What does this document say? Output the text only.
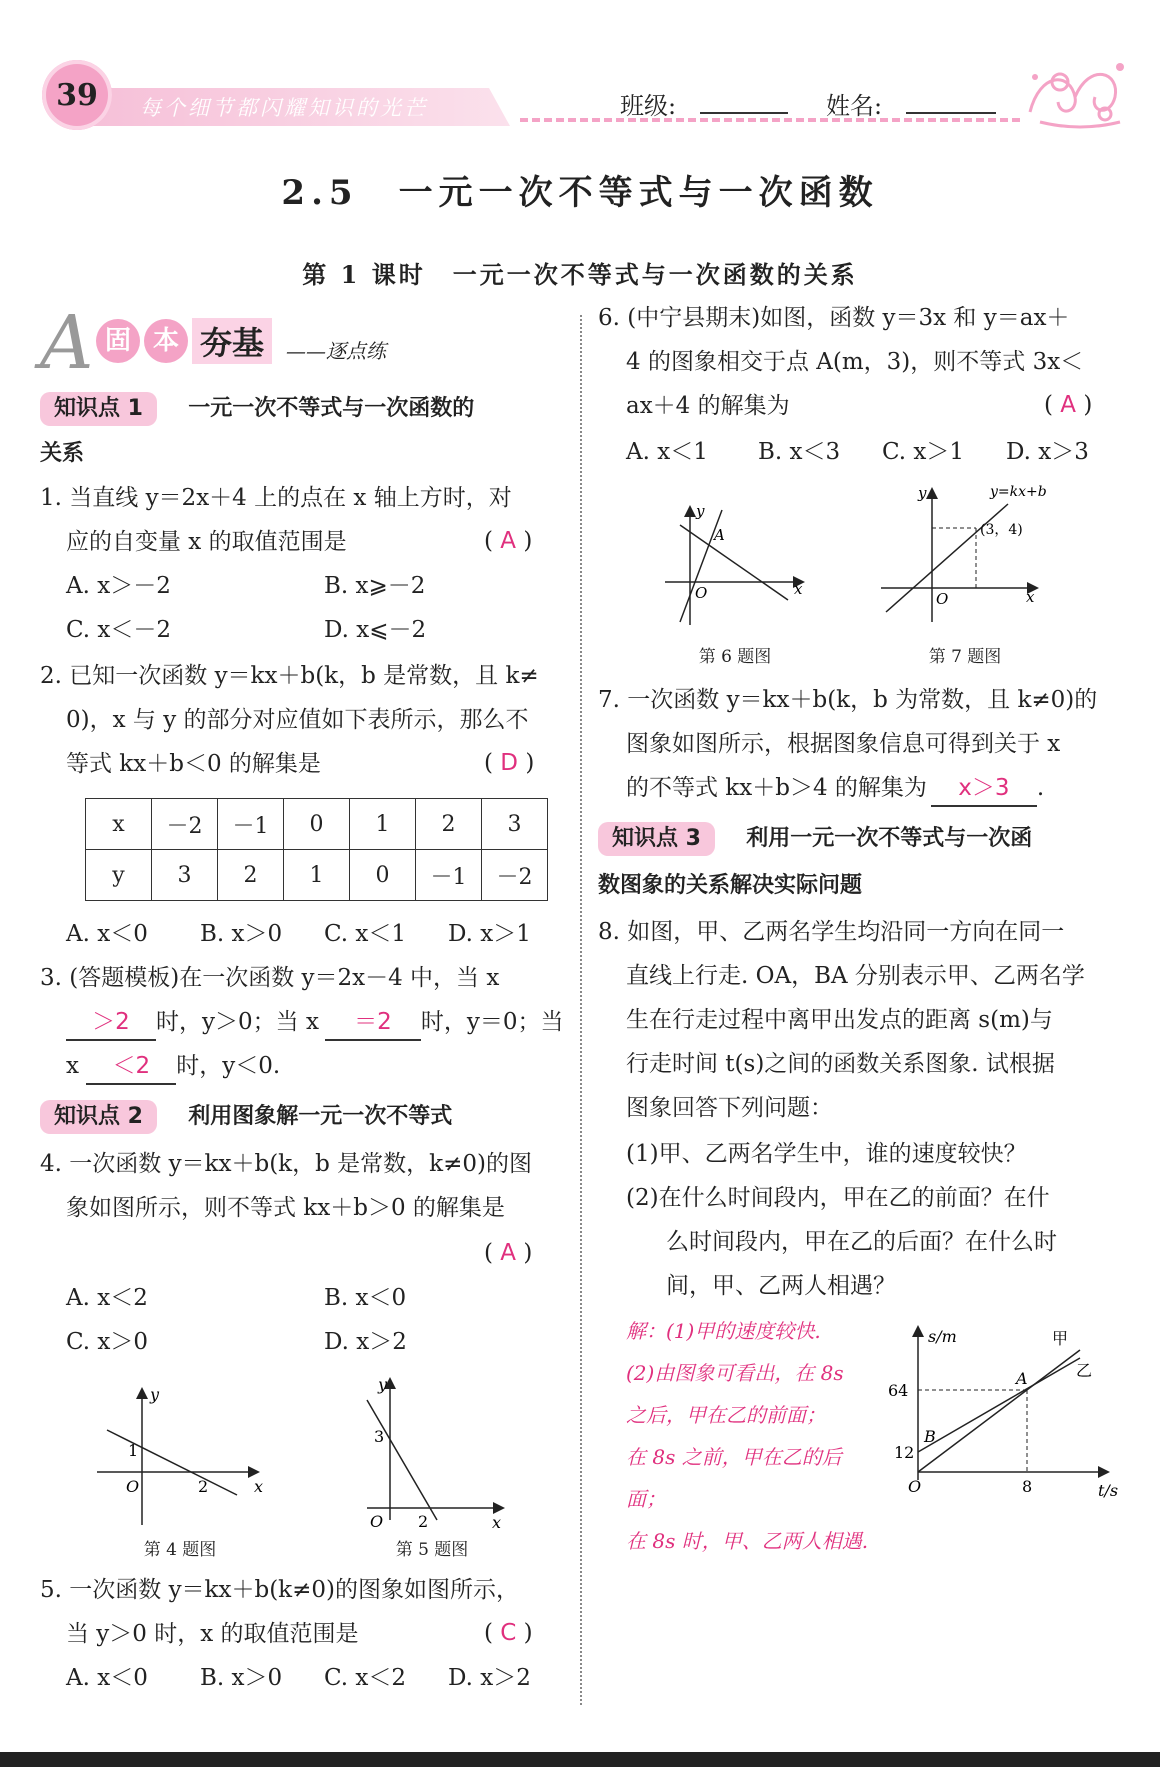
每个细节都闪耀知识的光芒
39	班级:	姓名:
2.5　一元一次不等式与一次函数
第 1 课时　一元一次不等式与一次函数的关系
A 固 本 夯基	——逐点练
知识点 1 一元一次不等式与一次函数的
关系
1. 当直线 y＝2x＋4 上的点在 x 轴上方时，对
应的自变量 x 的取值范围是	( A )
A. x＞－2	B. x⩾－2
C. x＜－2	D. x⩽－2
2. 已知一次函数 y＝kx＋b(k，b 是常数，且 k≠
0)，x 与 y 的部分对应值如下表所示，那么不
等式 kx＋b＜0 的解集是	( D )
x	－2	－1	0	1	2	3
y	3	2	1	0	－1	－2
A. x＜0 B. x＞0 C. x＜1 D. x＞1
3. (答题模板)在一次函数 y＝2x－4 中，当 x
＞2 时，y＞0；当 x ＝2 时，y＝0；当
x ＜2 时，y＜0.
知识点 2 利用图象解一元一次不等式
4. 一次函数 y＝kx＋b(k，b 是常数，k≠0)的图
象如图所示，则不等式 kx＋b＞0 的解集是
( A )
A. x＜2	B. x＜0
C. x＞0	D. x＞2
y
x
O
1
2
第 4 题图
y
x
O
3
2
第 5 题图
5. 一次函数 y＝kx＋b(k≠0)的图象如图所示，
当 y＞0 时，x 的取值范围是	( C )
A. x＜0 B. x＞0 C. x＜2 D. x＞2
6. (中宁县期末)如图，函数 y＝3x 和 y＝ax＋
4 的图象相交于点 A(m，3)，则不等式 3x＜
ax＋4 的解集为	( A )
A. x＜1 B. x＜3 C. x＞1 D. x＞3
y
x
O
A
第 6 题图
y
x
O
y=kx+b
(3，4)
第 7 题图
7. 一次函数 y＝kx＋b(k，b 为常数，且 k≠0)的
图象如图所示，根据图象信息可得到关于 x
的不等式 kx＋b＞4 的解集为 x＞3 .
知识点 3 利用一元一次不等式与一次函
数图象的关系解决实际问题
8. 如图，甲、乙两名学生均沿同一方向在同一
直线上行走. OA，BA 分别表示甲、乙两名学
生在行走过程中离甲出发点的距离 s(m)与
行走时间 t(s)之间的函数关系图象. 试根据
图象回答下列问题：
(1)甲、乙两名学生中，谁的速度较快？
(2)在什么时间段内，甲在乙的前面？在什
么时间段内，甲在乙的后面？在什么时
间，甲、乙两人相遇？
解：(1)甲的速度较快.
(2)由图象可看出，在 8s
之后，甲在乙的前面；
在 8s 之前，甲在乙的后
面；
在 8s 时，甲、乙两人相遇.
s/m
t/s
O
B
A
甲
乙
64
12
8
